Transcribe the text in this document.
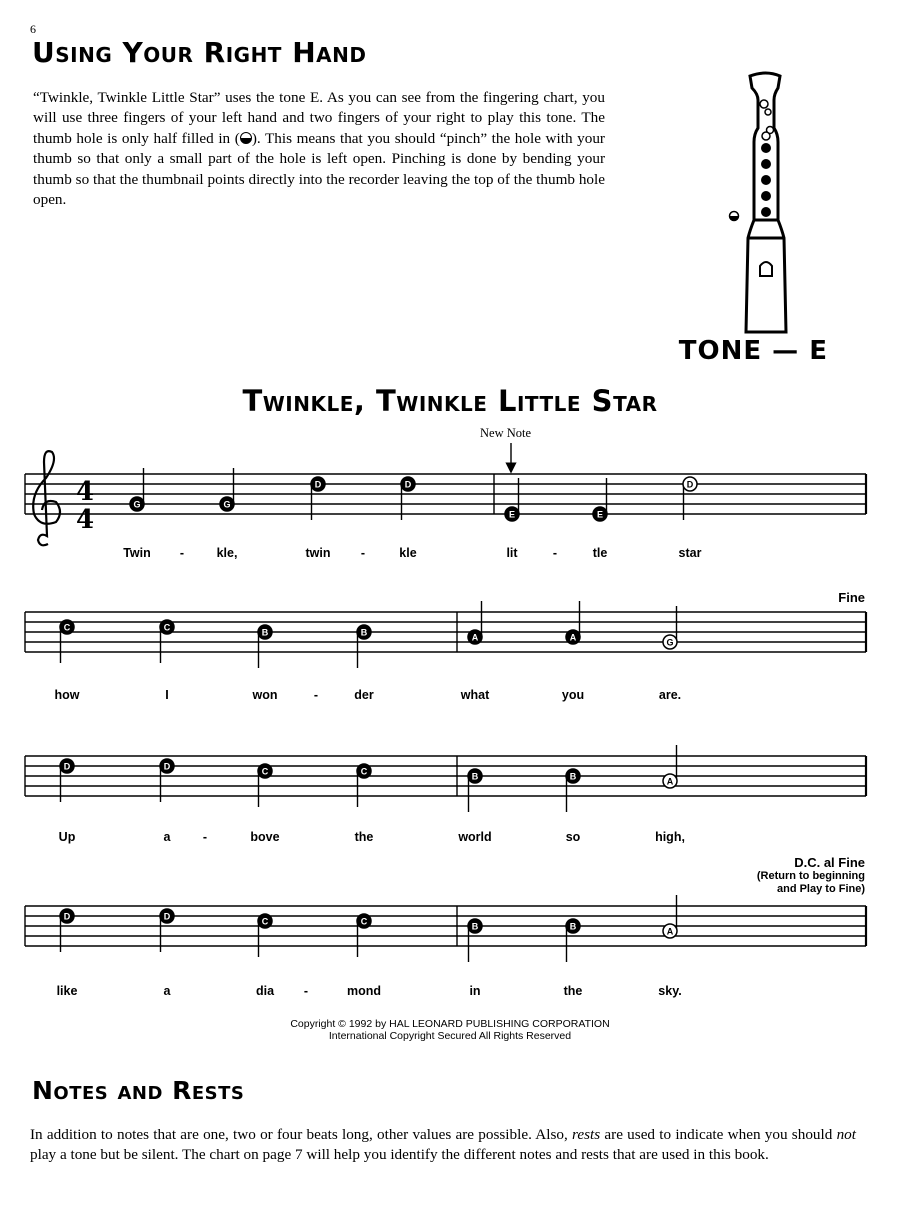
6
Using Your Right Hand

“Twinkle, Twinkle Little Star” uses the tone E. As you can see from the fingering chart, you will use three fingers of your left hand and two fingers of your right to play this tone. The thumb hole is only half filled in ( ). This means that you should “pinch” the hole with your thumb so that only a small part of the hole is left open. Pinching is done by bending your thumb so that the thumbnail points directly into the recorder leaving the top of the thumb hole open.

TONE — E
Twinkle, Twinkle Little Star
New Note
4
4
G	G
D	D
E	E
D
C	C	B	B	A	A	G
D	D	C	C	B	B	A
D	D	C	C	B	B	A
Twin	kle,	twin	kle	lit	tle	star
-	-	-
how	I	won	der	what	you	are.
-
Up	a	bove	the	world	so	high,
-
like	a	dia	mond	in	the	sky.
-
Fine
D.C. al Fine
(Return to beginning
and Play to Fine)
Copyright © 1992 by HAL LEONARD PUBLISHING CORPORATION
International Copyright Secured All Rights Reserved
Notes and Rests

In addition to notes that are one, two or four beats long, other values are possible. Also, rests are used to indicate when you should not play a tone but be silent. The chart on page 7 will help you identify the different notes and rests that are used in this book.
